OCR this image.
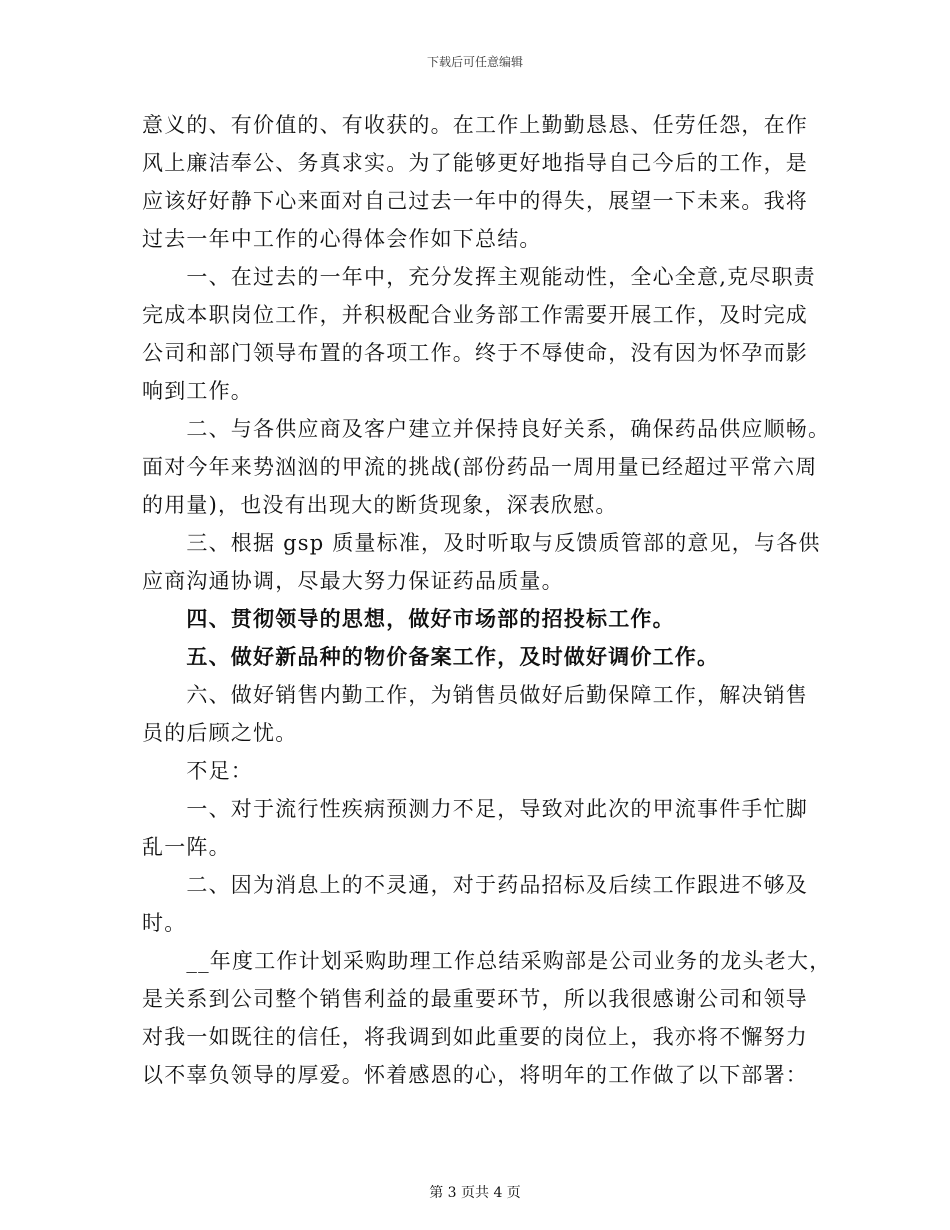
下载后可任意编辑
意义的、有价值的、有收获的。在工作上勤勤恳恳、任劳任怨，在作
风上廉洁奉公、务真求实。为了能够更好地指导自己今后的工作，是
应该好好静下心来面对自己过去一年中的得失，展望一下未来。我将
过去一年中工作的心得体会作如下总结。
　　一、在过去的一年中，充分发挥主观能动性，全心全意,克尽职责
完成本职岗位工作，并积极配合业务部工作需要开展工作，及时完成
公司和部门领导布置的各项工作。终于不辱使命，没有因为怀孕而影
响到工作。
　　二、与各供应商及客户建立并保持良好关系，确保药品供应顺畅。
面对今年来势汹汹的甲流的挑战(部份药品一周用量已经超过平常六周
的用量)，也没有出现大的断货现象，深表欣慰。
　　三、根据 gsp 质量标准，及时听取与反馈质管部的意见，与各供
应商沟通协调，尽最大努力保证药品质量。
　　四、贯彻领导的思想，做好市场部的招投标工作。
　　五、做好新品种的物价备案工作，及时做好调价工作。
　　六、做好销售内勤工作，为销售员做好后勤保障工作，解决销售
员的后顾之忧。
　　不足：
　　一、对于流行性疾病预测力不足，导致对此次的甲流事件手忙脚
乱一阵。
　　二、因为消息上的不灵通，对于药品招标及后续工作跟进不够及
时。
　　__年度工作计划采购助理工作总结采购部是公司业务的龙头老大，
是关系到公司整个销售利益的最重要环节，所以我很感谢公司和领导
对我一如既往的信任，将我调到如此重要的岗位上，我亦将不懈努力
以不辜负领导的厚爱。怀着感恩的心，将明年的工作做了以下部署：
第 3 页共 4 页
